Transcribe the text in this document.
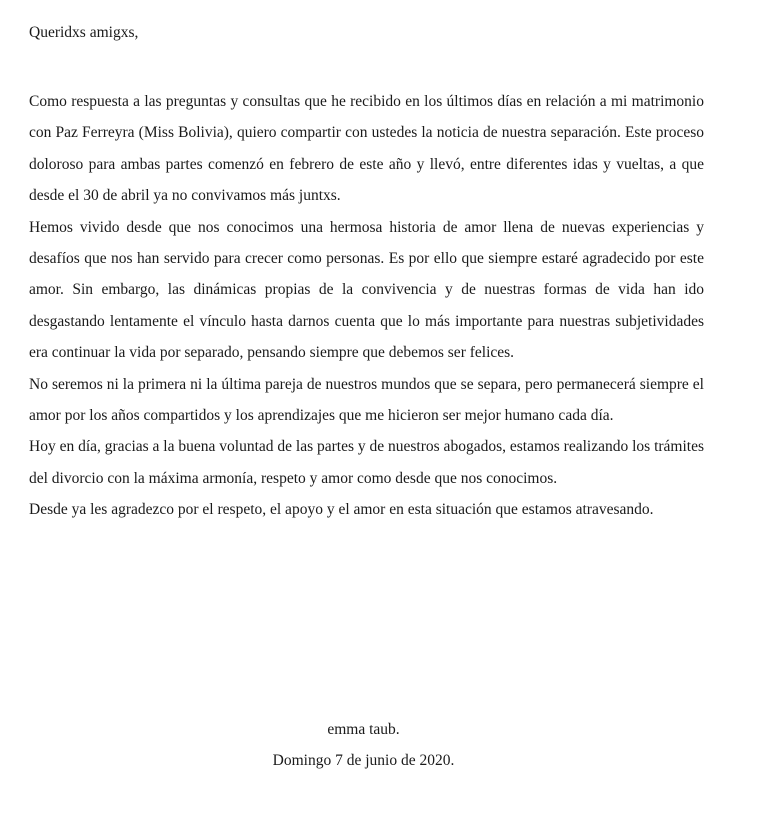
Queridxs amigxs,

Como respuesta a las preguntas y consultas que he recibido en los últimos días en relación a mi matrimonio con Paz Ferreyra (Miss Bolivia), quiero compartir con ustedes la noticia de nuestra separación. Este proceso doloroso para ambas partes comenzó en febrero de este año y llevó, entre diferentes idas y vueltas, a que desde el 30 de abril ya no convivamos más juntxs.

Hemos vivido desde que nos conocimos una hermosa historia de amor llena de nuevas experiencias y desafíos que nos han servido para crecer como personas. Es por ello que siempre estaré agradecido por este amor. Sin embargo, las dinámicas propias de la convivencia y de nuestras formas de vida han ido desgastando lentamente el vínculo hasta darnos cuenta que lo más importante para nuestras subjetividades era continuar la vida por separado, pensando siempre que debemos ser felices.

No seremos ni la primera ni la última pareja de nuestros mundos que se separa, pero permanecerá siempre el amor por los años compartidos y los aprendizajes que me hicieron ser mejor humano cada día.

Hoy en día, gracias a la buena voluntad de las partes y de nuestros abogados, estamos realizando los trámites del divorcio con la máxima armonía, respeto y amor como desde que nos conocimos.

Desde ya les agradezco por el respeto, el apoyo y el amor en esta situación que estamos atravesando.

emma taub.

Domingo 7 de junio de 2020.
